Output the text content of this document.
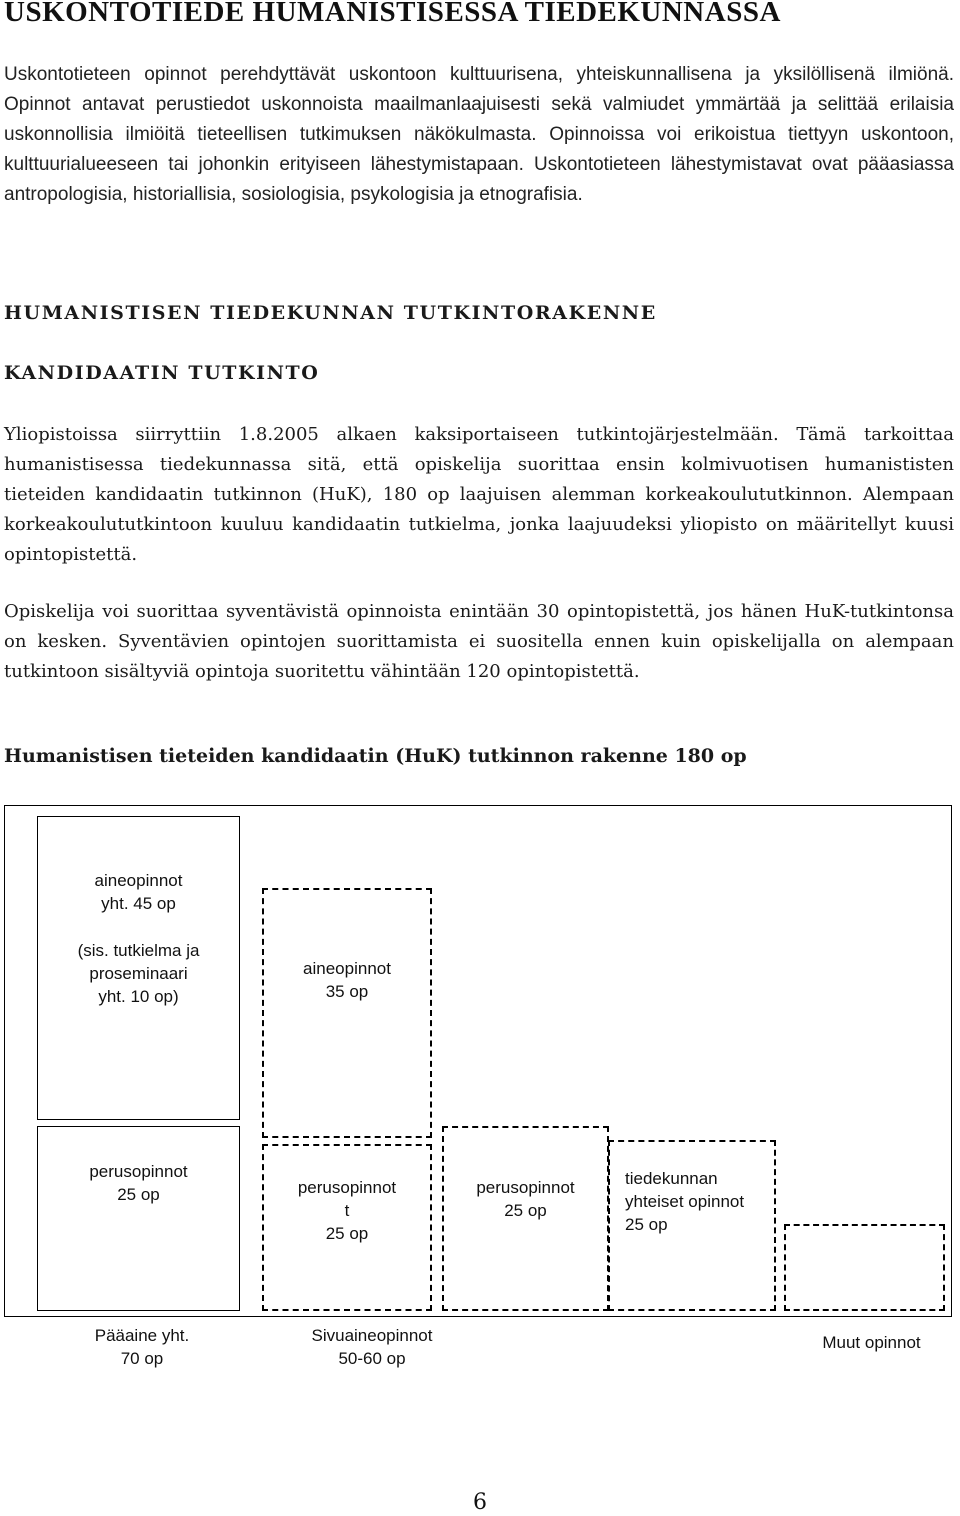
USKONTOTIEDE HUMANISTISESSA TIEDEKUNNASSA
Uskontotieteen opinnot perehdyttävät uskontoon kulttuurisena, yhteiskunnallisena ja yksilöllisenä ilmiönä. Opinnot antavat perustiedot uskonnoista maailmanlaajuisesti sekä valmiudet ymmärtää ja selittää erilaisia uskonnollisia ilmiöitä tieteellisen tutkimuksen näkökulmasta. Opinnoissa voi erikoistua tiettyyn uskontoon, kulttuurialueeseen tai johonkin erityiseen lähestymistapaan. Uskontotieteen lähestymistavat ovat pääasiassa antropologisia, historiallisia, sosiologisia, psykologisia ja etnografisia.
HUMANISTISEN TIEDEKUNNAN TUTKINTORAKENNE
KANDIDAATIN TUTKINTO
Yliopistoissa siirryttiin 1.8.2005 alkaen kaksiportaiseen tutkintojärjestelmään. Tämä tarkoittaa humanistisessa tiedekunnassa sitä, että opiskelija suorittaa ensin kolmivuotisen humanististen tieteiden kandidaatin tutkinnon (HuK), 180 op laajuisen alemman korkeakoulututkinnon. Alempaan korkeakoulututkintoon kuuluu kandidaatin tutkielma, jonka laajuudeksi yliopisto on määritellyt kuusi opintopistettä.
Opiskelija voi suorittaa syventävistä opinnoista enintään 30 opintopistettä, jos hänen HuK-tutkintonsa on kesken. Syventävien opintojen suorittamista ei suositella ennen kuin opiskelijalla on alempaan tutkintoon sisältyviä opintoja suoritettu vähintään 120 opintopistettä.
Humanistisen tieteiden kandidaatin (HuK) tutkinnon rakenne 180 op
aineopinnot
yht. 45 op
(sis. tutkielma ja
proseminaari
yht. 10 op)
aineopinnot
35 op
perusopinnot
25 op	perusopinnot
t
25 op
perusopinnot
25 op
tiedekunnan
yhteiset opinnot
25 op
Pääaine yht.
70 op
Sivuaineopinnot
50-60 op
Muut opinnot
6
